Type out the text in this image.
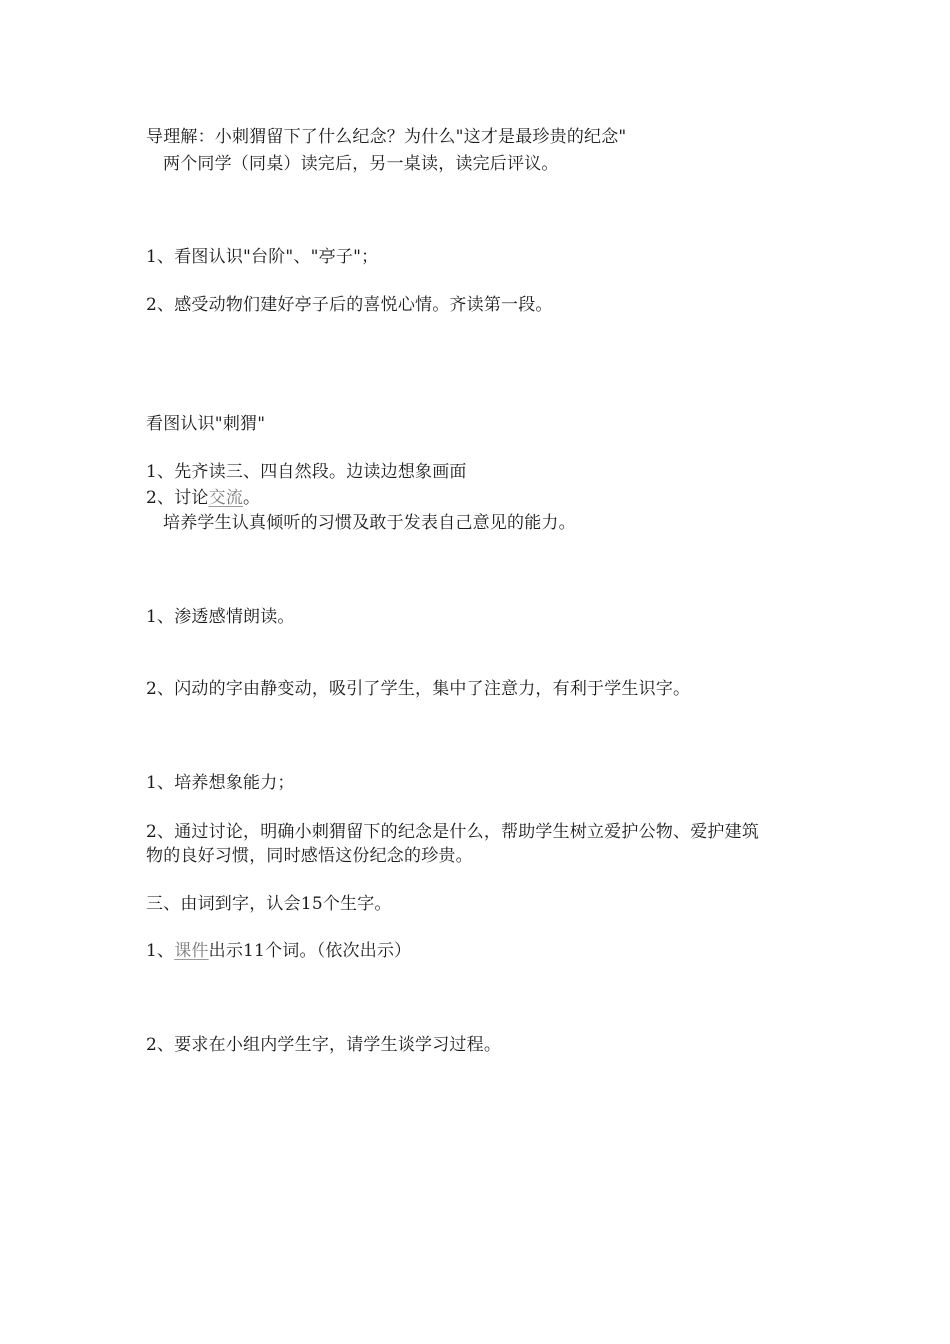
导理解：小刺猬留下了什么纪念？为什么"这才是最珍贵的纪念"
两个同学（同桌）读完后，另一桌读，读完后评议。
1、看图认识"台阶"、"亭子"；
2、感受动物们建好亭子后的喜悦心情。齐读第一段。
看图认识"刺猬"
1、先齐读三、四自然段。边读边想象画面
2、讨论交流。
培养学生认真倾听的习惯及敢于发表自己意见的能力。
1、渗透感情朗读。
2、闪动的字由静变动，吸引了学生，集中了注意力，有利于学生识字。
1、培养想象能力；
2、通过讨论，明确小刺猬留下的纪念是什么，帮助学生树立爱护公物、爱护建筑
物的良好习惯，同时感悟这份纪念的珍贵。
三、由词到字，认会15个生字。
1、课件出示11个词。（依次出示）
2、要求在小组内学生字，请学生谈学习过程。
